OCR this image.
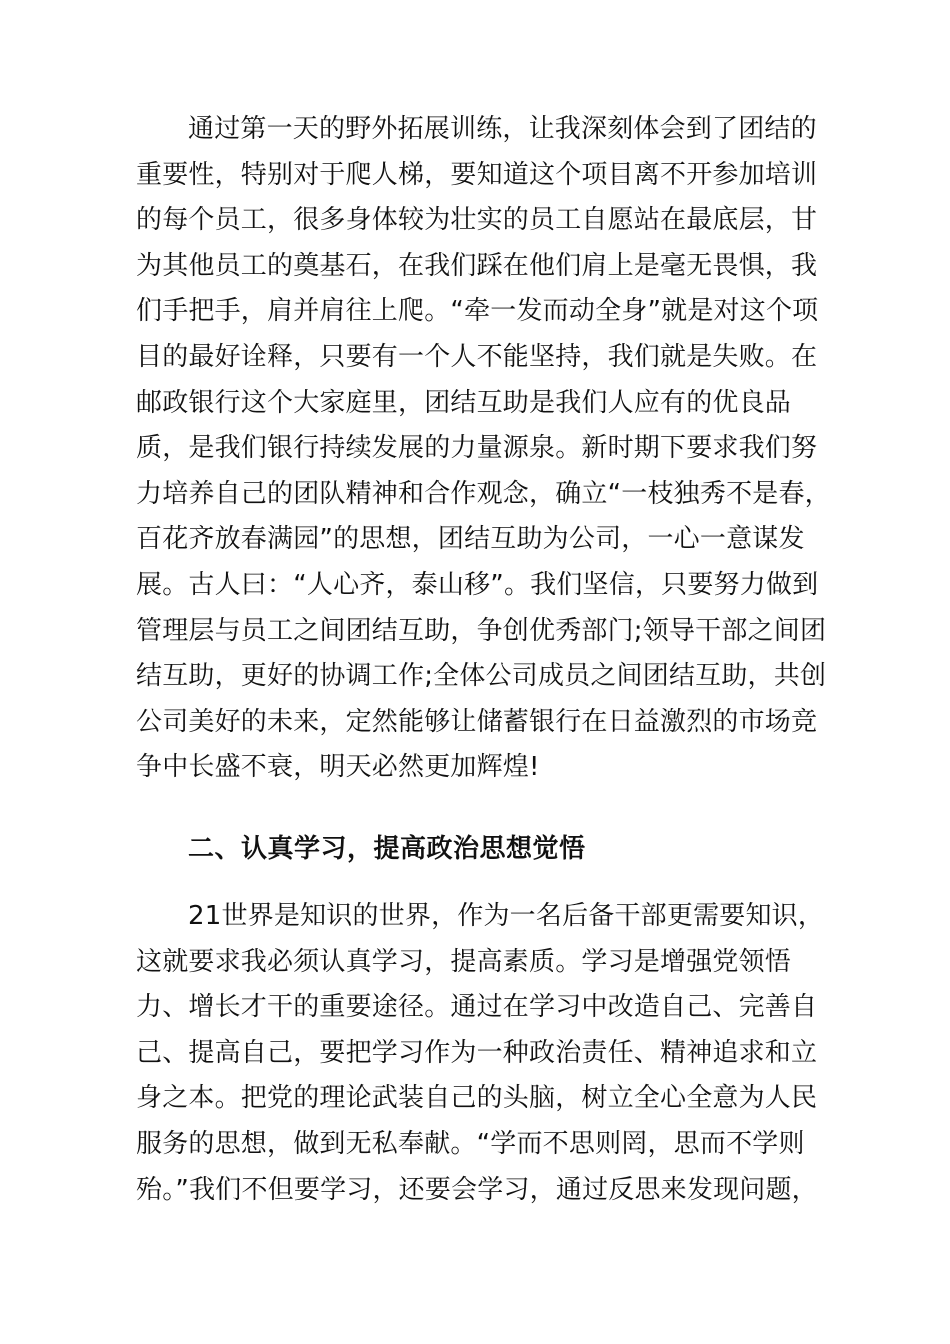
通过第一天的野外拓展训练，让我深刻体会到了团结的
重要性，特别对于爬人梯，要知道这个项目离不开参加培训
的每个员工，很多身体较为壮实的员工自愿站在最底层，甘
为其他员工的奠基石，在我们踩在他们肩上是毫无畏惧，我
们手把手，肩并肩往上爬。“牵一发而动全身”就是对这个项
目的最好诠释，只要有一个人不能坚持，我们就是失败。在
邮政银行这个大家庭里，团结互助是我们人应有的优良品
质，是我们银行持续发展的力量源泉。新时期下要求我们努
力培养自己的团队精神和合作观念，确立“一枝独秀不是春，
百花齐放春满园”的思想，团结互助为公司，一心一意谋发
展。古人曰：“人心齐，泰山移”。我们坚信，只要努力做到
管理层与员工之间团结互助，争创优秀部门;领导干部之间团
结互助，更好的协调工作;全体公司成员之间团结互助，共创
公司美好的未来，定然能够让储蓄银行在日益激烈的市场竞
争中长盛不衰，明天必然更加辉煌!
二、认真学习，提高政治思想觉悟
21世界是知识的世界，作为一名后备干部更需要知识，
这就要求我必须认真学习，提高素质。学习是增强党领悟
力、增长才干的重要途径。通过在学习中改造自己、完善自
己、提高自己，要把学习作为一种政治责任、精神追求和立
身之本。把党的理论武装自己的头脑，树立全心全意为人民
服务的思想，做到无私奉献。“学而不思则罔，思而不学则
殆。”我们不但要学习，还要会学习，通过反思来发现问题，
